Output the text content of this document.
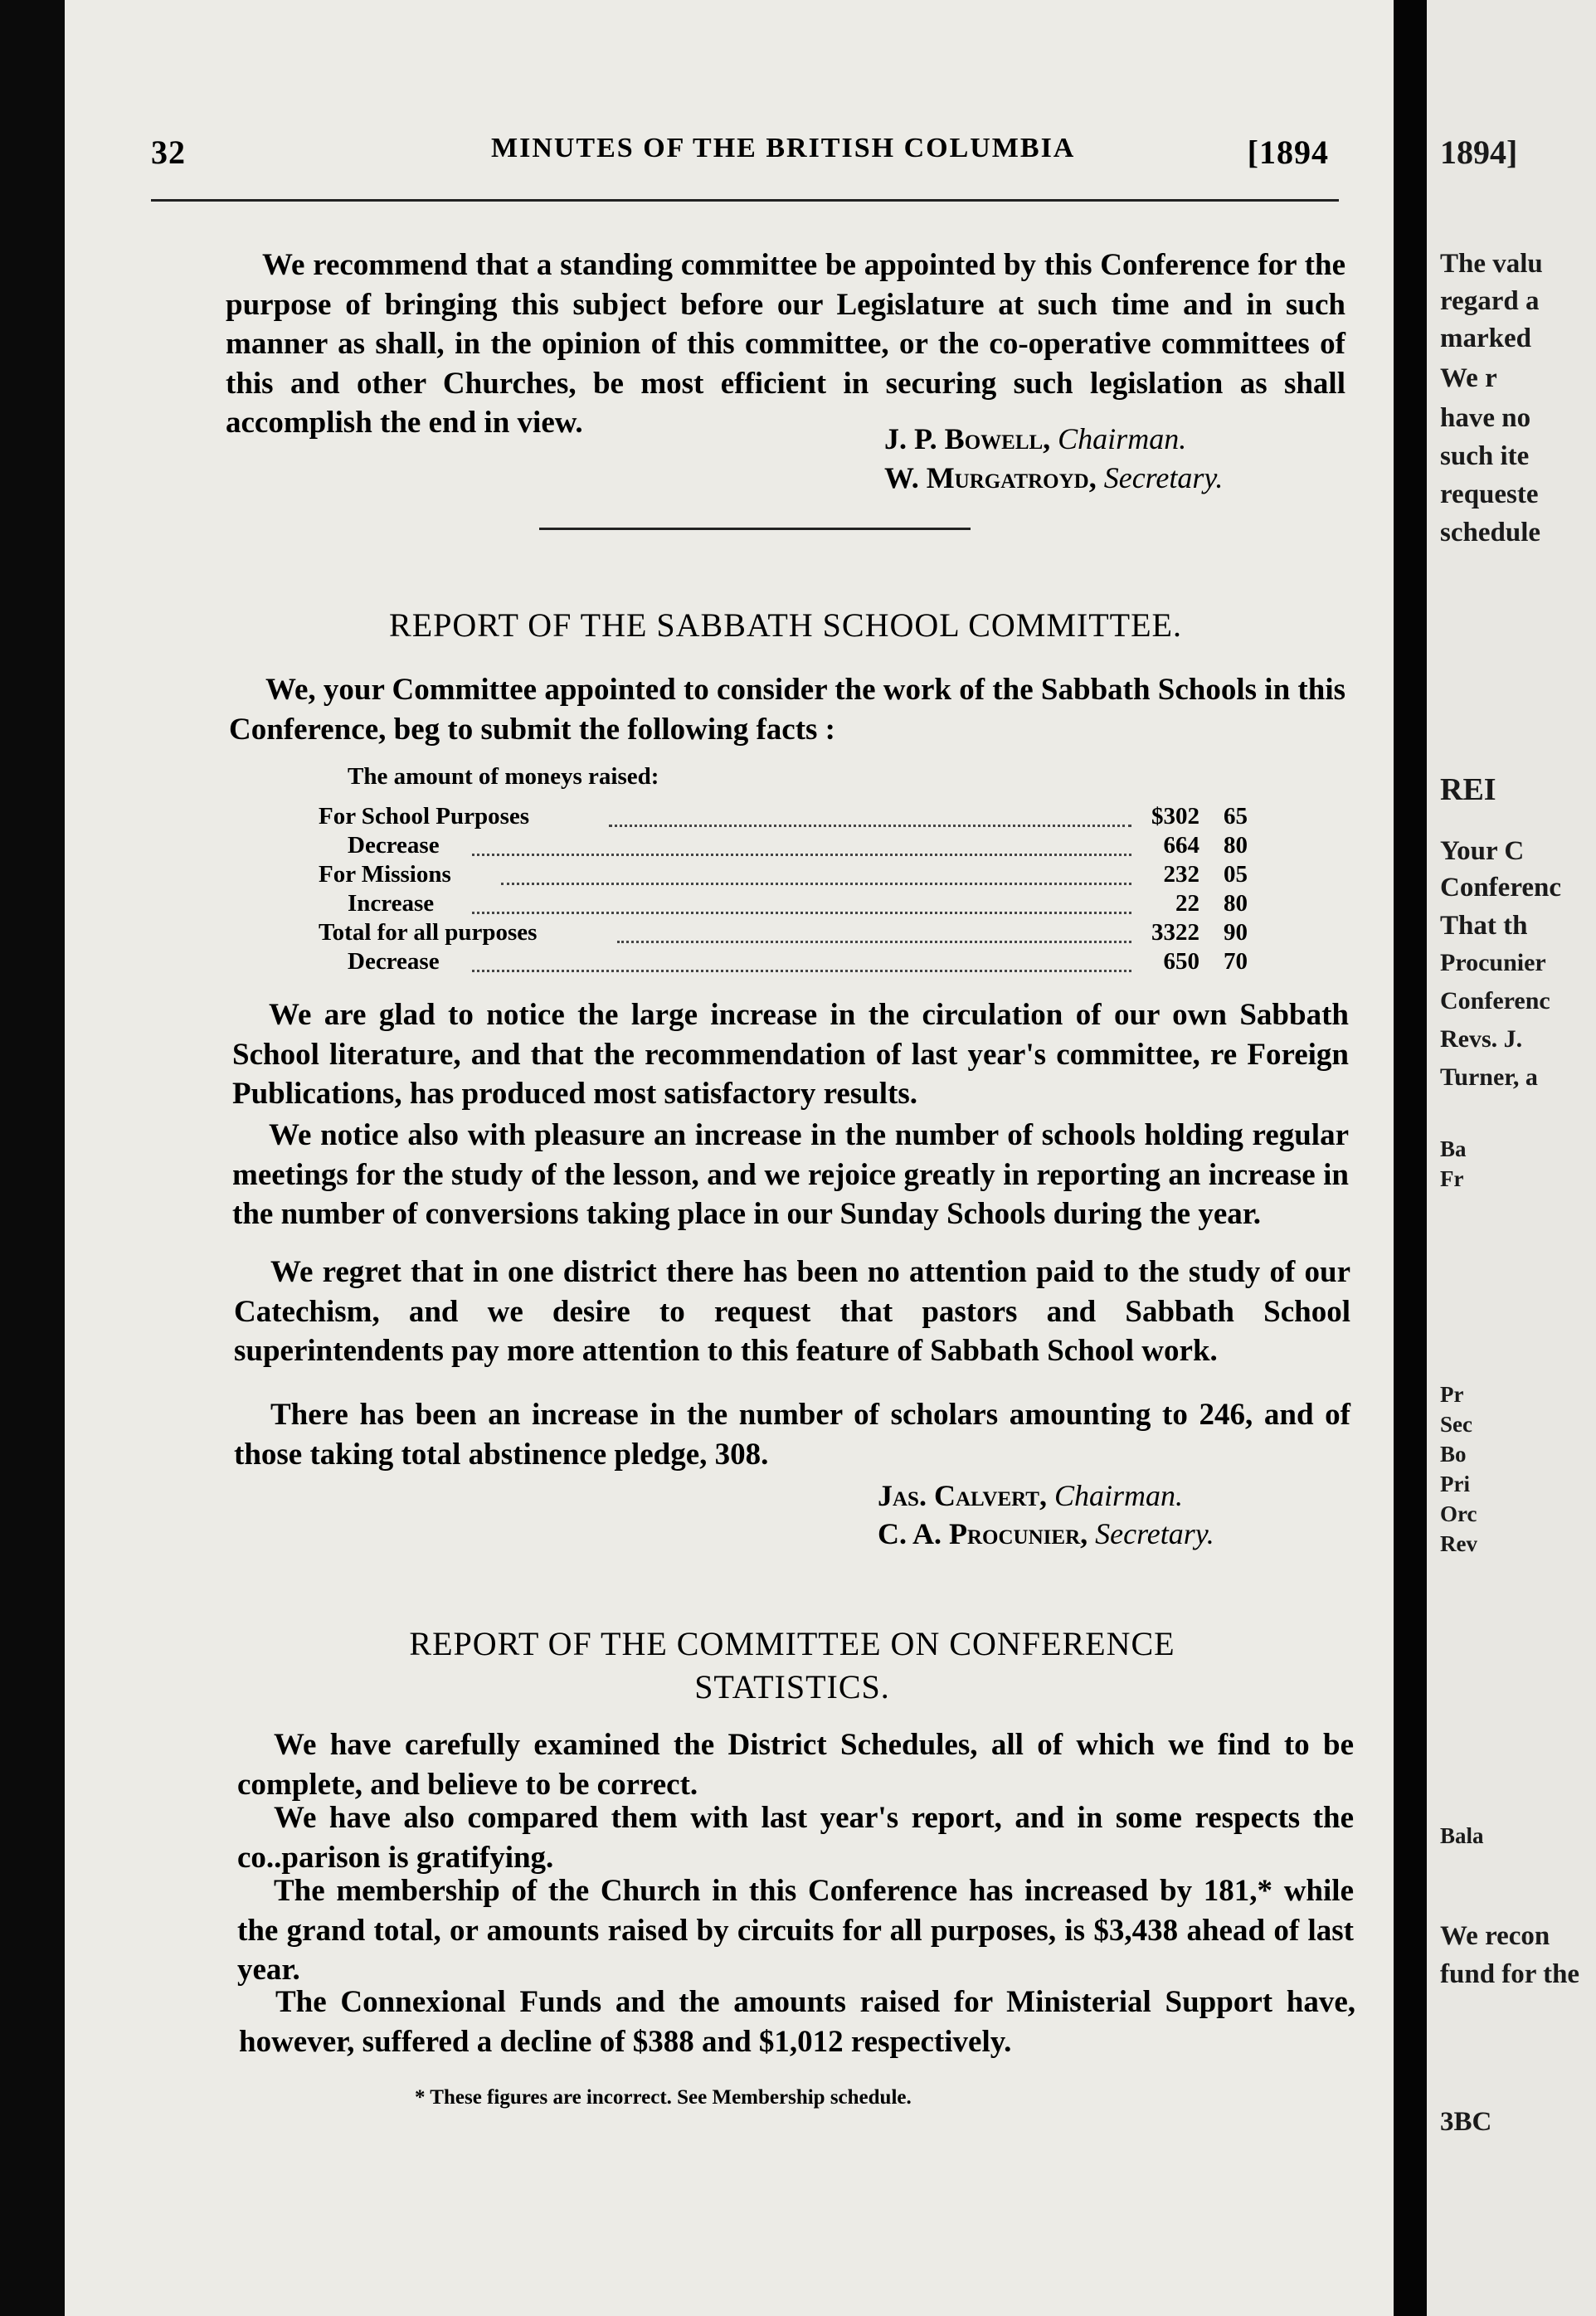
32	MINUTES OF THE BRITISH COLUMBIA	[1894
We recommend that a standing committee be appointed by this Conference for the purpose of bringing this subject before our Legislature at such time and in such manner as shall, in the opinion of this committee, or the co-operative committees of this and other Churches, be most efficient in securing such legislation as shall accomplish the end in view.	J. P. Bowell, Chairman.
W. Murgatroyd, Secretary.
REPORT OF THE SABBATH SCHOOL COMMITTEE.
We, your Committee appointed to consider the work of the Sabbath Schools in this Conference, beg to submit the following facts :
The amount of moneys raised:
For School Purposes	$302	65
Decrease	664	80
For Missions	232	05
Increase	22	80
Total for all purposes	3322	90
Decrease	650	70
We are glad to notice the large increase in the circulation of our own Sabbath School literature, and that the recommendation of last year's committee, re Foreign Publications, has produced most satisfactory results.
We notice also with pleasure an increase in the number of schools holding regular meetings for the study of the lesson, and we rejoice greatly in reporting an increase in the number of conversions taking place in our Sunday Schools during the year.
We regret that in one district there has been no attention paid to the study of our Catechism, and we desire to request that pastors and Sabbath School superintendents pay more attention to this feature of Sabbath School work.
There has been an increase in the number of scholars amounting to 246, and of those taking total abstinence pledge, 308.
Jas. Calvert, Chairman.
C. A. Procunier, Secretary.
REPORT OF THE COMMITTEE ON CONFERENCE
STATISTICS.
We have carefully examined the District Schedules, all of which we find to be complete, and believe to be correct.
We have also compared them with last year's report, and in some respects the co..parison is gratifying.
The membership of the Church in this Conference has increased by 181,* while the grand total, or amounts raised by circuits for all purposes, is $3,438 ahead of last year.
The Connexional Funds and the amounts raised for Ministerial Support have, however, suffered a decline of $388 and $1,012 respectively.
* These figures are incorrect. See Membership schedule.
1894]
The valu
regard a
marked
We r
have no
such ite
requeste
schedule
REI
Your C
Conferenc
That th
Procunier
Conferenc
Revs. J.
Turner, a
Ba
Fr
Pr
Sec
Bo
Pri
Orc
Rev
Bala
We recon
fund for the
3BC
